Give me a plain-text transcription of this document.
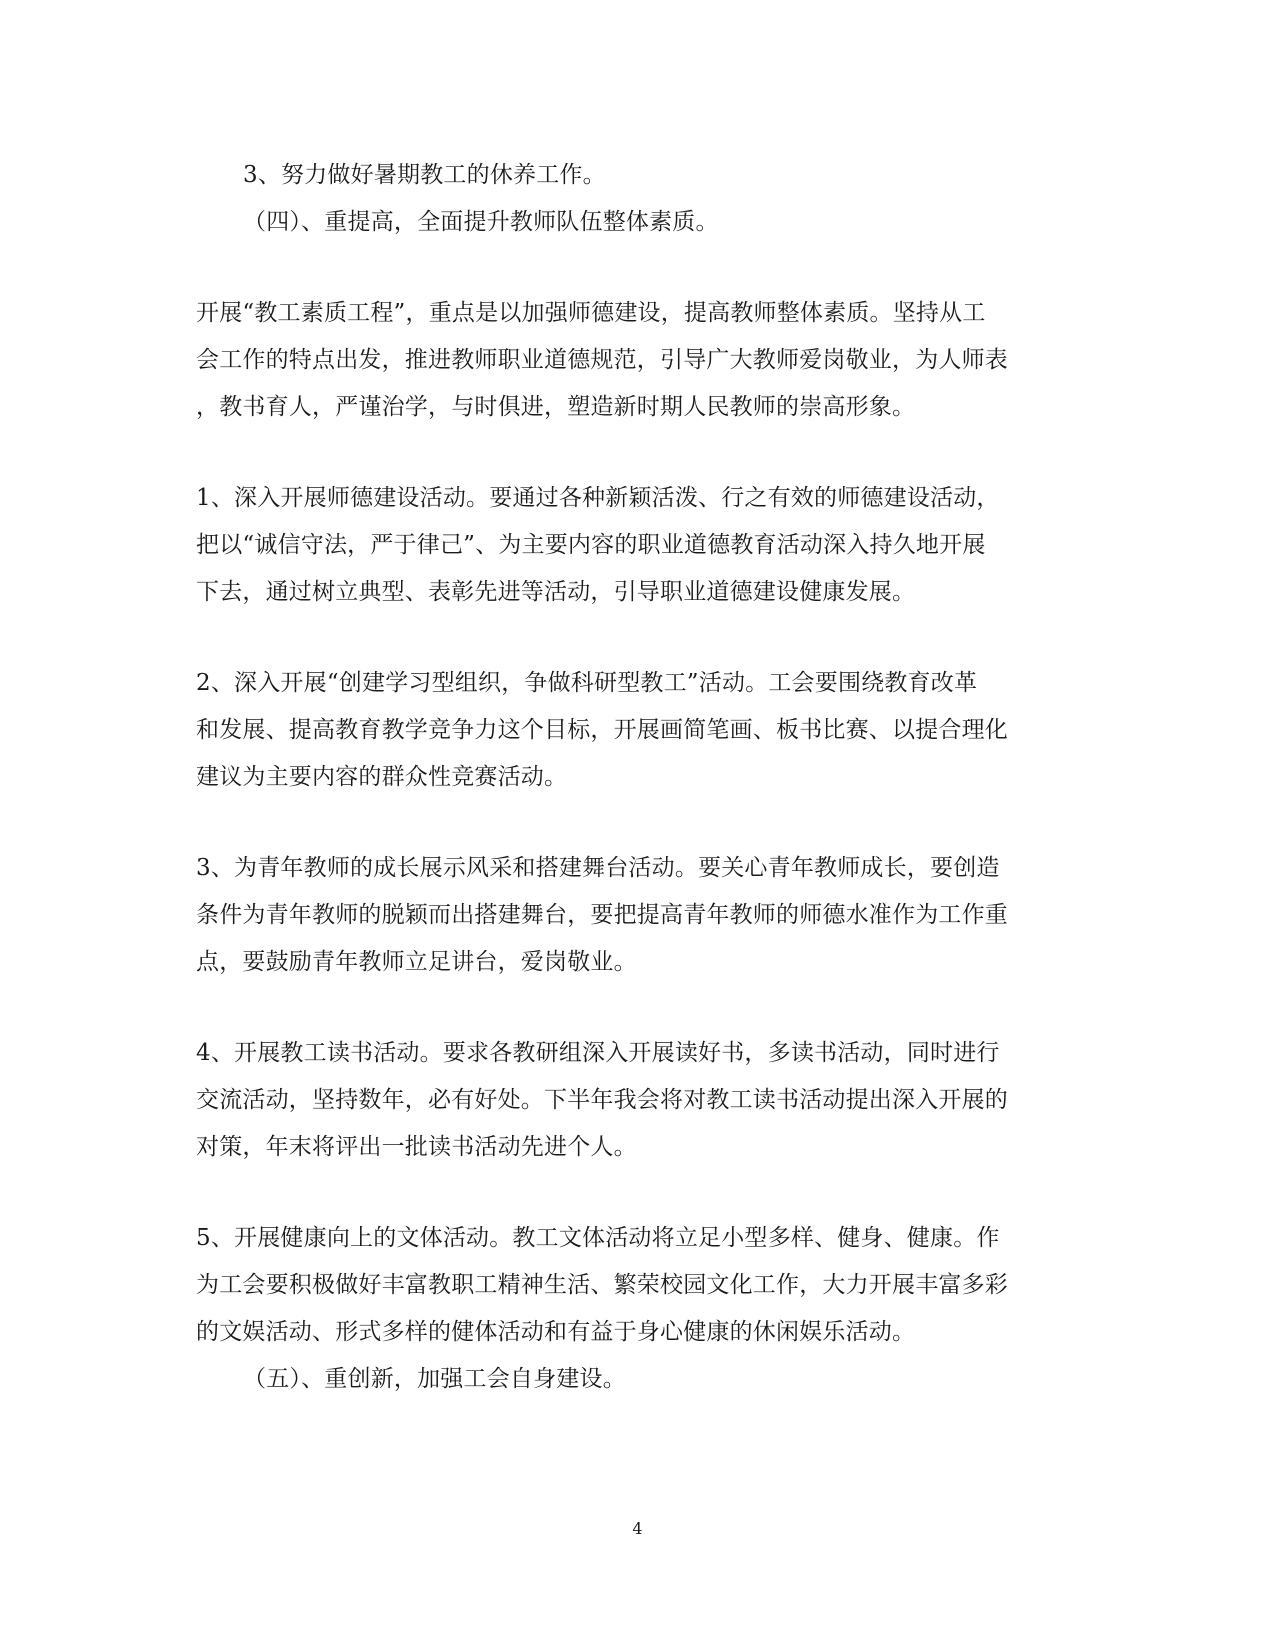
3、努力做好暑期教工的休养工作。
（四）、重提高，全面提升教师队伍整体素质。
开展“教工素质工程”，重点是以加强师德建设，提高教师整体素质。坚持从工
会工作的特点出发，推进教师职业道德规范，引导广大教师爱岗敬业，为人师表
，教书育人，严谨治学，与时俱进，塑造新时期人民教师的崇高形象。
1、深入开展师德建设活动。要通过各种新颖活泼、行之有效的师德建设活动，
把以“诚信守法，严于律己”、为主要内容的职业道德教育活动深入持久地开展
下去，通过树立典型、表彰先进等活动，引导职业道德建设健康发展。
2、深入开展“创建学习型组织，争做科研型教工”活动。工会要围绕教育改革
和发展、提高教育教学竞争力这个目标，开展画简笔画、板书比赛、以提合理化
建议为主要内容的群众性竞赛活动。
3、为青年教师的成长展示风采和搭建舞台活动。要关心青年教师成长，要创造
条件为青年教师的脱颖而出搭建舞台，要把提高青年教师的师德水准作为工作重
点，要鼓励青年教师立足讲台，爱岗敬业。
4、开展教工读书活动。要求各教研组深入开展读好书，多读书活动，同时进行
交流活动，坚持数年，必有好处。下半年我会将对教工读书活动提出深入开展的
对策，年末将评出一批读书活动先进个人。
5、开展健康向上的文体活动。教工文体活动将立足小型多样、健身、健康。作
为工会要积极做好丰富教职工精神生活、繁荣校园文化工作，大力开展丰富多彩
的文娱活动、形式多样的健体活动和有益于身心健康的休闲娱乐活动。
（五）、重创新，加强工会自身建设。
4
